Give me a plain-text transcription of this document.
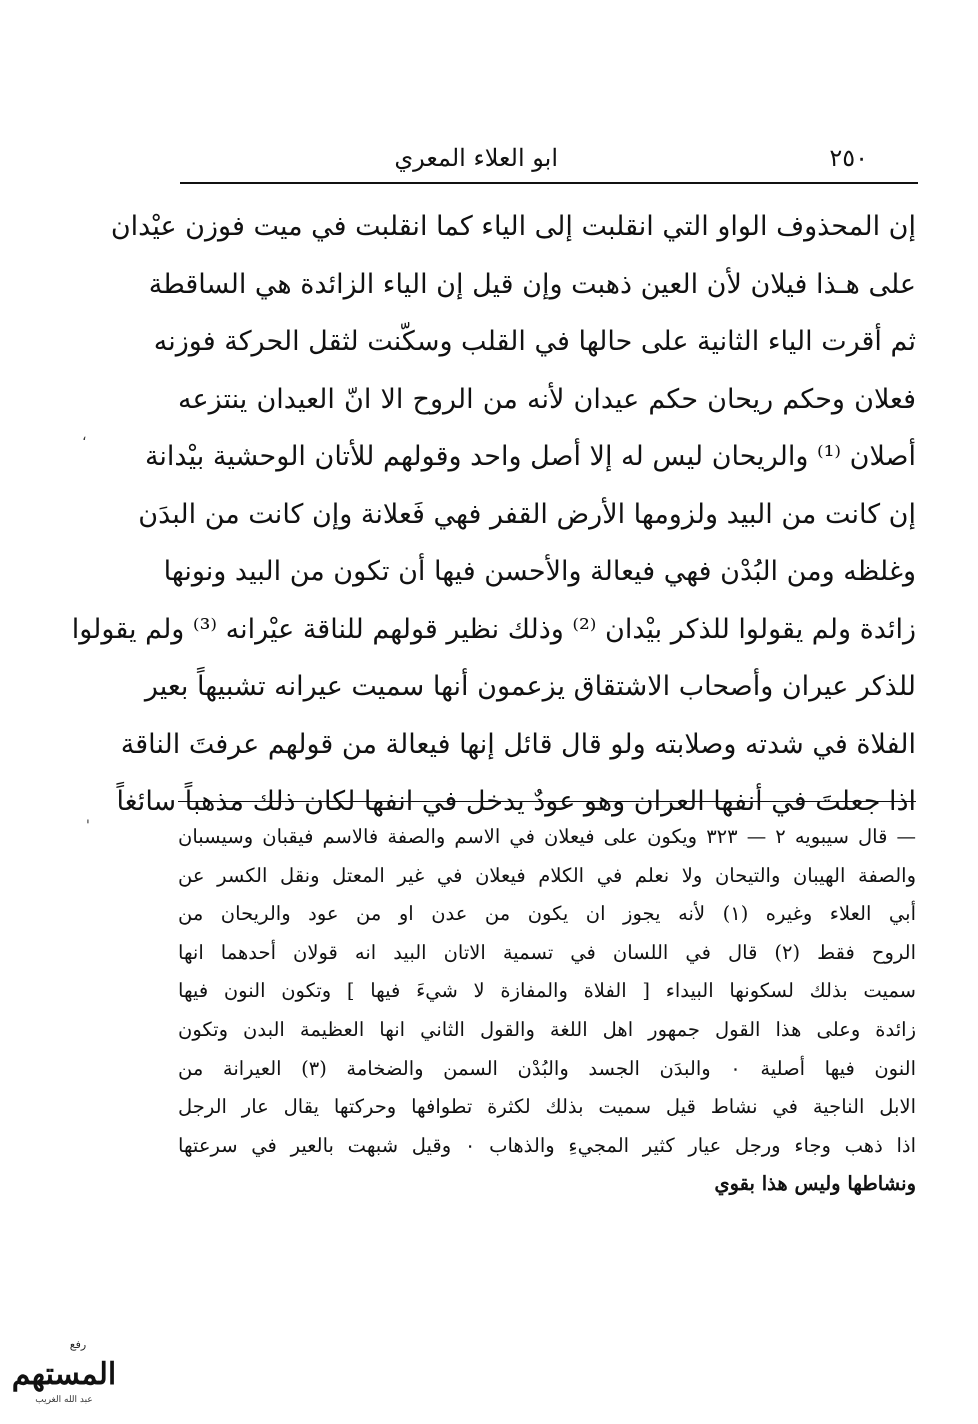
٢٥٠
ابو العلاء المعري
إن المحذوف الواو التي انقلبت إلى الياء كما انقلبت في ميت فوزن عيْدان
على هـذا فيلان لأن العين ذهبت وإن قيل إن الياء الزائدة هي الساقطة
ثم أقرت الياء الثانية على حالها في القلب وسكّنت لثقل الحركة فوزنه
فعلان وحكم ريحان حكم عيدان لأنه من الروح الا انّ العيدان ينتزعه
أصلان ⁽¹⁾ والريحان ليس له إلا أصل واحد وقولهم للأتان الوحشية بيْدانة
إن كانت من البيد ولزومها الأرض القفر فهي فَعلانة وإن كانت من البدَن
وغلظه ومن البُدْن فهي فيعالة والأحسن فيها أن تكون من البيد ونونها
زائدة ولم يقولوا للذكر بيْدان ⁽²⁾ وذلك نظير قولهم للناقة عيْرانه ⁽³⁾ ولم يقولوا
للذكر عيران وأصحاب الاشتقاق يزعمون أنها سميت عيرانه تشبيهاً بعير
الفلاة في شدته وصلابته ولو قال قائل إنها فيعالة من قولهم عرفتَ الناقة
اذا جعلتَ في أنفها العران وهو عودٌ يدخل في انفها لكان ذلك مذهباً سائغاً
— قال سيبويه ٢ — ٣٢٣ ويكون على فيعلان في الاسم والصفة فالاسم فيقبان وسيسبان
والصفة الهيبان والتيحان ولا نعلم في الكلام فيعلان في غير المعتل ونقل الكسر عن
أبي العلاء وغيره (١) لأنه يجوز ان يكون من عدن او من عود والريحان من
الروح فقط (٢) قال في اللسان في تسمية الاتان البيد انه قولان أحدهما انها
سميت بذلك لسكونها البيداء [ الفلاة والمفازة لا شيءَ فيها ] وتكون النون فيها
زائدة وعلى هذا القول جمهور اهل اللغة والقول الثاني انها العظيمة البدن وتكون
النون فيها أصلية ٠ والبدَن الجسد والبُدْن السمن والضخامة (٣) العيرانة من
الابل الناجية في نشاط قيل سميت بذلك لكثرة تطوافها وحركتها يقال عار الرجل
اذا ذهب وجاء ورجل عيار كثير المجيءِ والذهاب ٠ وقيل شبهت بالعير في سرعتها
ونشاطها وليس هذا بقوي
،
'
رفع
المستهم
عبد الله الغريب
